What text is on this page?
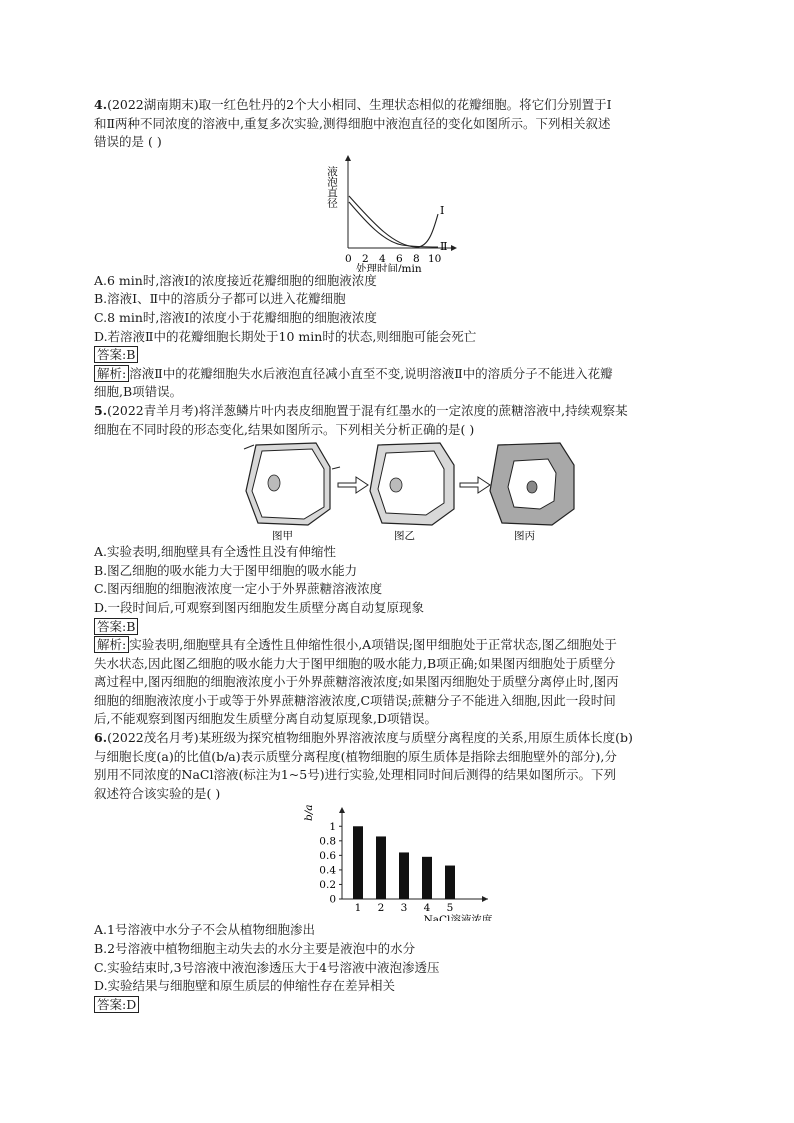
4.(2022湖南期末)取一红色牡丹的2个大小相同、生理状态相似的花瓣细胞。将它们分别置于Ⅰ
和Ⅱ两种不同浓度的溶液中,重复多次实验,测得细胞中液泡直径的变化如图所示。下列相关叙述
错误的是 ( )
液泡直径
Ⅰ
Ⅱ
0 2 4 6 8 10
处理时间/min
A.6 min时,溶液Ⅰ的浓度接近花瓣细胞的细胞液浓度
B.溶液Ⅰ、Ⅱ中的溶质分子都可以进入花瓣细胞
C.8 min时,溶液Ⅰ的浓度小于花瓣细胞的细胞液浓度
D.若溶液Ⅱ中的花瓣细胞长期处于10 min时的状态,则细胞可能会死亡
答案:B
解析: 溶液Ⅱ中的花瓣细胞失水后液泡直径减小直至不变,说明溶液Ⅱ中的溶质分子不能进入花瓣
细胞,B项错误。
5.(2022青羊月考)将洋葱鳞片叶内表皮细胞置于混有红墨水的一定浓度的蔗糖溶液中,持续观察某
细胞在不同时段的形态变化,结果如图所示。下列相关分析正确的是( )
图甲	图乙	图丙
A.实验表明,细胞壁具有全透性且没有伸缩性
B.图乙细胞的吸水能力大于图甲细胞的吸水能力
C.图丙细胞的细胞液浓度一定小于外界蔗糖溶液浓度
D.一段时间后,可观察到图丙细胞发生质壁分离自动复原现象
答案:B
解析: 实验表明,细胞壁具有全透性且伸缩性很小,A项错误;图甲细胞处于正常状态,图乙细胞处于
失水状态,因此图乙细胞的吸水能力大于图甲细胞的吸水能力,B项正确;如果图丙细胞处于质壁分
离过程中,图丙细胞的细胞液浓度小于外界蔗糖溶液浓度;如果图丙细胞处于质壁分离停止时,图丙
细胞的细胞液浓度小于或等于外界蔗糖溶液浓度,C项错误;蔗糖分子不能进入细胞,因此一段时间
后,不能观察到图丙细胞发生质壁分离自动复原现象,D项错误。
6.(2022茂名月考)某班级为探究植物细胞外界溶液浓度与质壁分离程度的关系,用原生质体长度(b)
与细胞长度(a)的比值(b/a)表示质壁分离程度(植物细胞的原生质体是指除去细胞壁外的部分),分
别用不同浓度的NaCl溶液(标注为1~5号)进行实验,处理相同时间后测得的结果如图所示。下列
叙述符合该实验的是( )
0
0.2
0.4
0.6
0.8
1
b/a
1 2 3 4 5
NaCl溶液浓度
A.1号溶液中水分子不会从植物细胞渗出
B.2号溶液中植物细胞主动失去的水分主要是液泡中的水分
C.实验结束时,3号溶液中液泡渗透压大于4号溶液中液泡渗透压
D.实验结果与细胞壁和原生质层的伸缩性存在差异相关
答案:D
